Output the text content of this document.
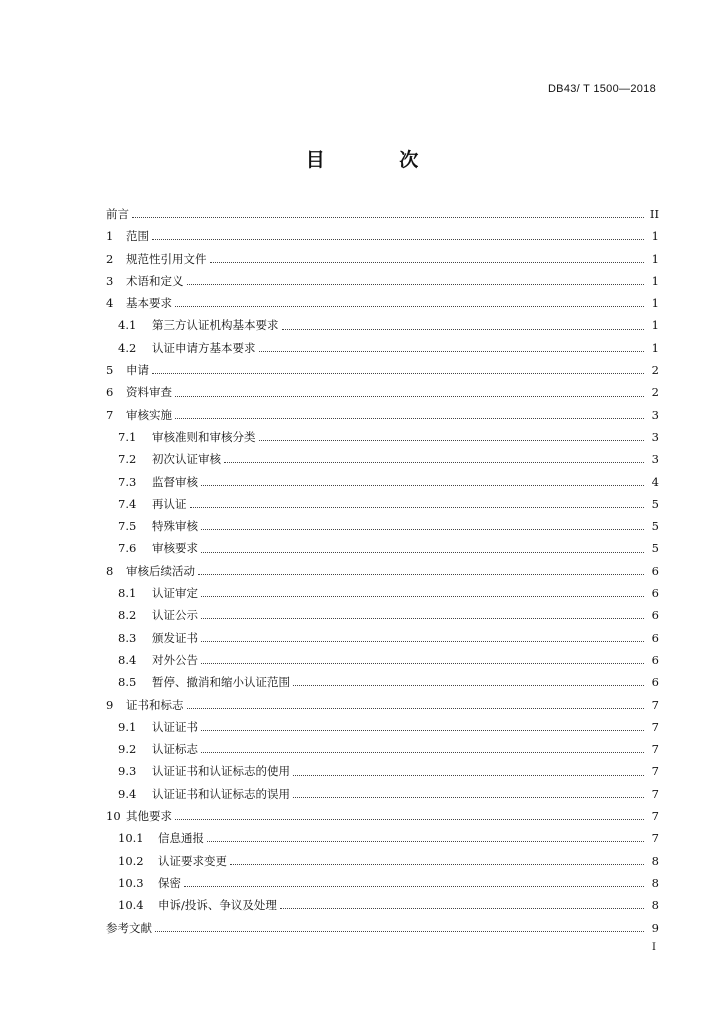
DB43/ T 1500—2018
目 次
前言	II
1	范围	1
2	规范性引用文件	1
3	术语和定义	1
4	基本要求	1
4.1	第三方认证机构基本要求	1
4.2	认证申请方基本要求	1
5	申请	2
6	资料审查	2
7	审核实施	3
7.1	审核准则和审核分类	3
7.2	初次认证审核	3
7.3	监督审核	4
7.4	再认证	5
7.5	特殊审核	5
7.6	审核要求	5
8	审核后续活动	6
8.1	认证审定	6
8.2	认证公示	6
8.3	颁发证书	6
8.4	对外公告	6
8.5	暂停、撤消和缩小认证范围	6
9	证书和标志	7
9.1	认证证书	7
9.2	认证标志	7
9.3	认证证书和认证标志的使用	7
9.4	认证证书和认证标志的误用	7
10 其他要求	7
10.1	信息通报	7
10.2	认证要求变更	8
10.3	保密	8
10.4	申诉/投诉、争议及处理	8
参考文献	9
I
